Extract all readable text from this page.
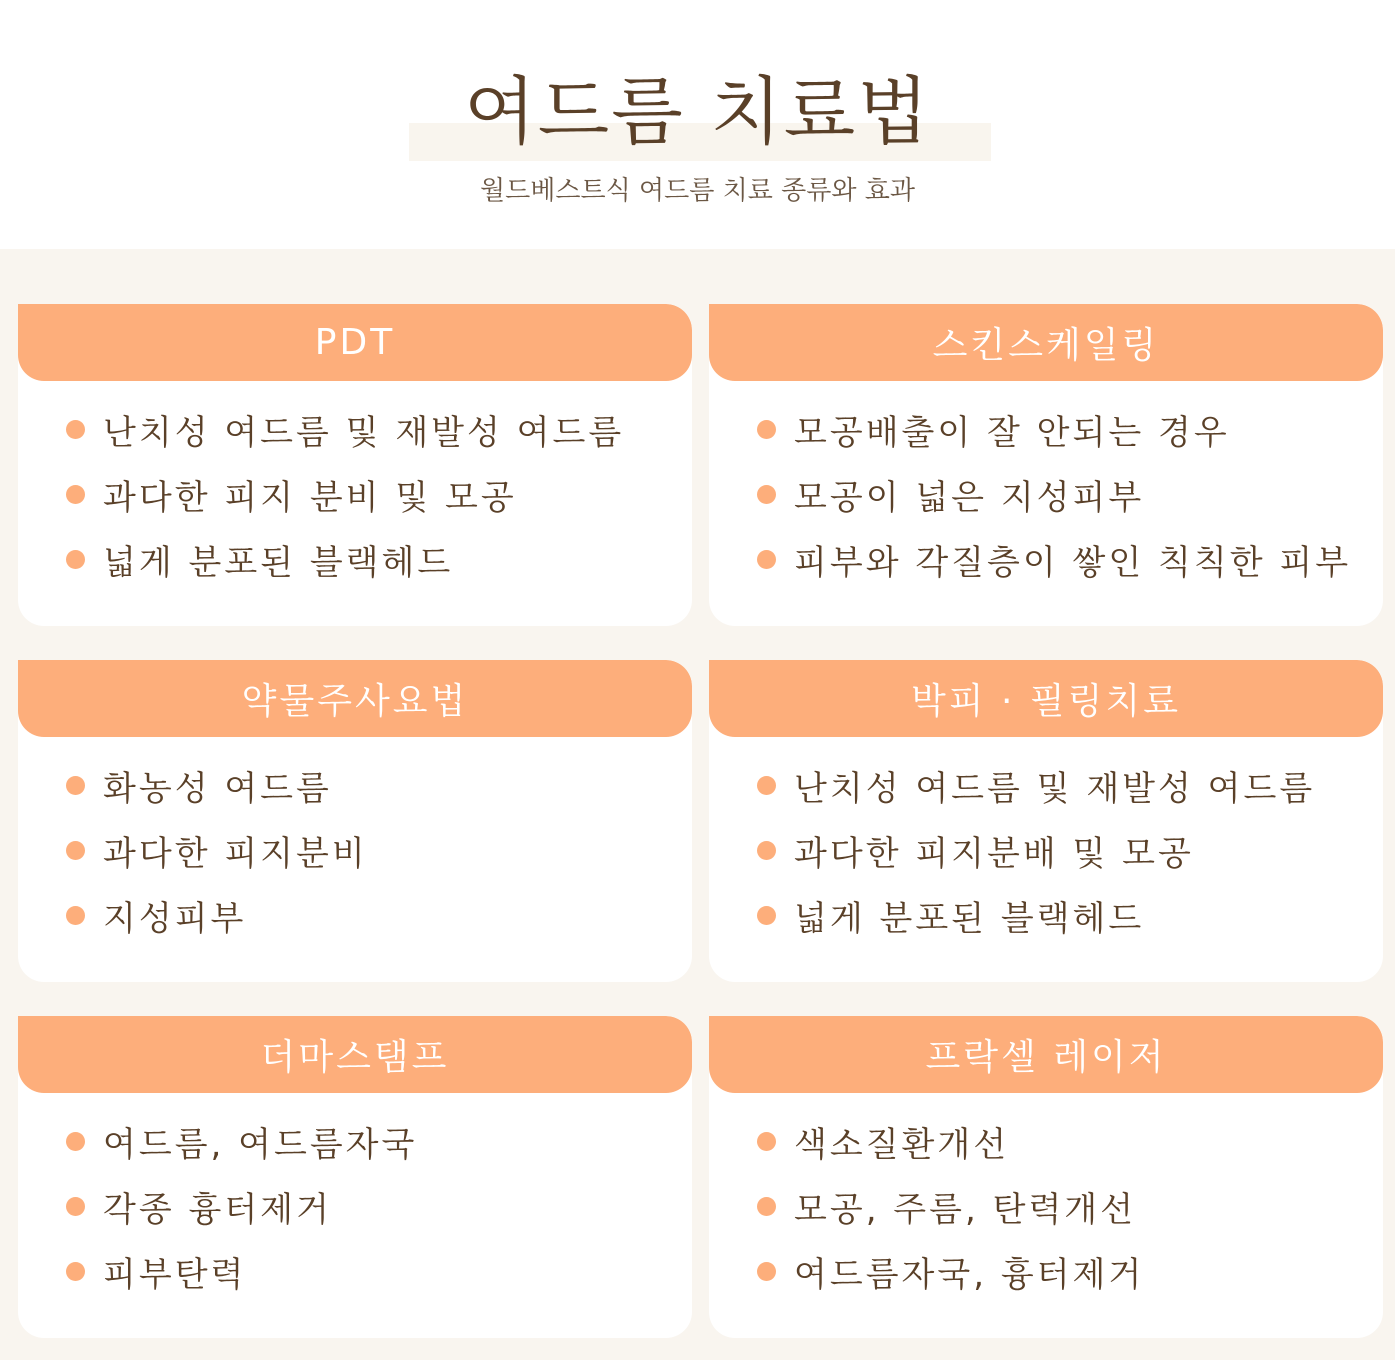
여드름 치료법
월드베스트식 여드름 치료 종류와 효과
PDT
난치성 여드름 및 재발성 여드름
과다한 피지 분비 및 모공
넓게 분포된 블랙헤드
스킨스케일링
모공배출이 잘 안되는 경우
모공이 넓은 지성피부
피부와 각질층이 쌓인 칙칙한 피부
약물주사요법
화농성 여드름
과다한 피지분비
지성피부
박피 · 필링치료
난치성 여드름 및 재발성 여드름
과다한 피지분배 및 모공
넓게 분포된 블랙헤드
더마스탬프
여드름, 여드름자국
각종 흉터제거
피부탄력
프락셀 레이저
색소질환개선
모공, 주름, 탄력개선
여드름자국, 흉터제거
